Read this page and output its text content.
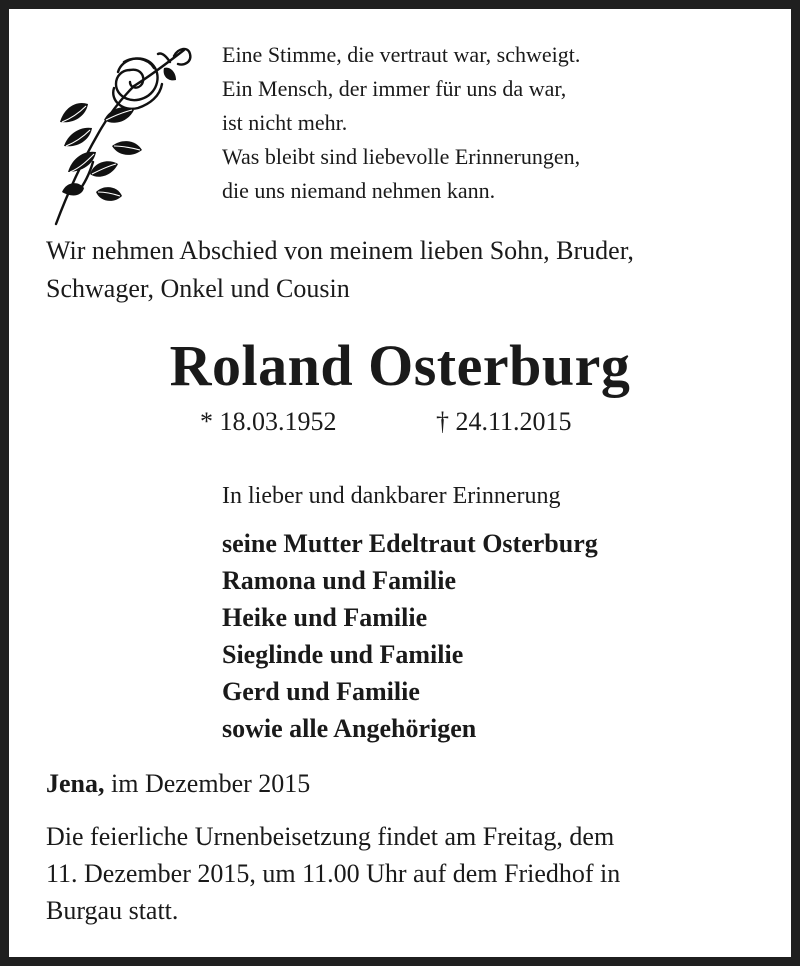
Eine Stimme, die vertraut war, schweigt.
Ein Mensch, der immer für uns da war,
ist nicht mehr.
Was bleibt sind liebevolle Erinnerungen,
die uns niemand nehmen kann.
Wir nehmen Abschied von meinem lieben Sohn, Bruder,
Schwager, Onkel und Cousin
Roland Osterburg
* 18.03.1952	† 24.11.2015
In lieber und dankbarer Erinnerung
seine Mutter Edeltraut Osterburg
Ramona und Familie
Heike und Familie
Sieglinde und Familie
Gerd und Familie
sowie alle Angehörigen
Jena, im Dezember 2015
Die feierliche Urnenbeisetzung findet am Freitag, dem
11. Dezember 2015, um 11.00 Uhr auf dem Friedhof in
Burgau statt.
